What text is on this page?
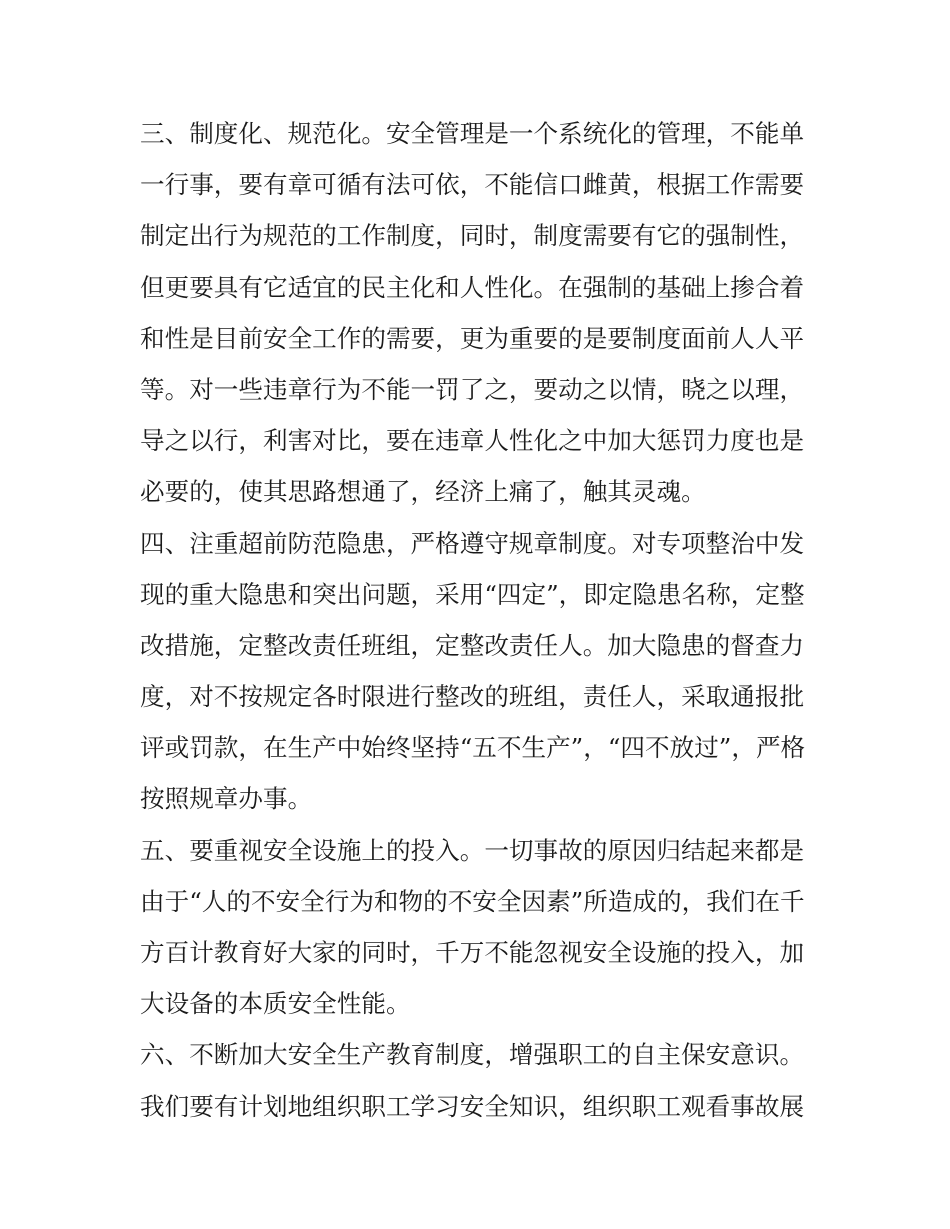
三、制度化、规范化。安全管理是一个系统化的管理，不能单
一行事，要有章可循有法可依，不能信口雌黄，根据工作需要
制定出行为规范的工作制度，同时，制度需要有它的强制性，
但更要具有它适宜的民主化和人性化。在强制的基础上掺合着
和性是目前安全工作的需要，更为重要的是要制度面前人人平
等。对一些违章行为不能一罚了之，要动之以情，晓之以理，
导之以行，利害对比，要在违章人性化之中加大惩罚力度也是
必要的，使其思路想通了，经济上痛了，触其灵魂。
四、注重超前防范隐患，严格遵守规章制度。对专项整治中发
现的重大隐患和突出问题，采用“四定”，即定隐患名称，定整
改措施，定整改责任班组，定整改责任人。加大隐患的督查力
度，对不按规定各时限进行整改的班组，责任人，采取通报批
评或罚款，在生产中始终坚持“五不生产”，“四不放过”，严格
按照规章办事。
五、要重视安全设施上的投入。一切事故的原因归结起来都是
由于“人的不安全行为和物的不安全因素”所造成的，我们在千
方百计教育好大家的同时，千万不能忽视安全设施的投入，加
大设备的本质安全性能。
六、不断加大安全生产教育制度，增强职工的自主保安意识。
我们要有计划地组织职工学习安全知识，组织职工观看事故展
